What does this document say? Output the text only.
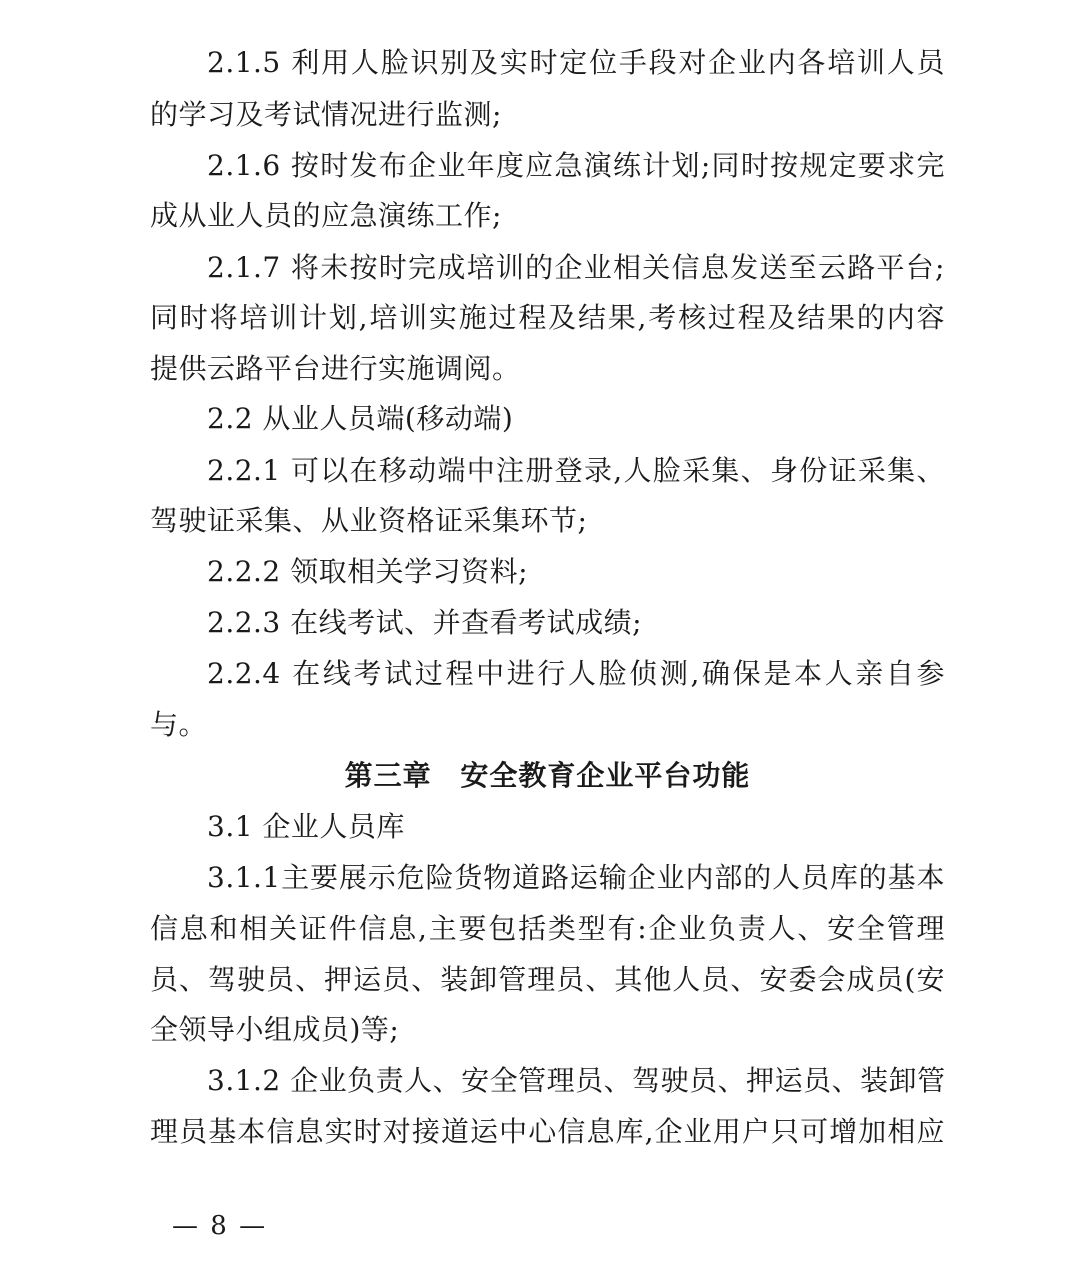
2.1.5 利用人脸识别及实时定位手段对企业内各培训人员
的学习及考试情况进行监测;
2.1.6 按时发布企业年度应急演练计划;同时按规定要求完
成从业人员的应急演练工作;
2.1.7 将未按时完成培训的企业相关信息发送至云路平台;
同时将培训计划,培训实施过程及结果,考核过程及结果的内容
提供云路平台进行实施调阅。
2.2 从业人员端(移动端)
2.2.1 可以在移动端中注册登录,人脸采集、身份证采集、
驾驶证采集、从业资格证采集环节;
2.2.2 领取相关学习资料;
2.2.3 在线考试、并查看考试成绩;
2.2.4 在线考试过程中进行人脸侦测,确保是本人亲自参
与。
第三章 安全教育企业平台功能
3.1 企业人员库
3.1.1主要展示危险货物道路运输企业内部的人员库的基本
信息和相关证件信息,主要包括类型有:企业负责人、安全管理
员、驾驶员、押运员、装卸管理员、其他人员、安委会成员(安
全领导小组成员)等;
3.1.2 企业负责人、安全管理员、驾驶员、押运员、装卸管
理员基本信息实时对接道运中心信息库,企业用户只可增加相应
— 8 —
